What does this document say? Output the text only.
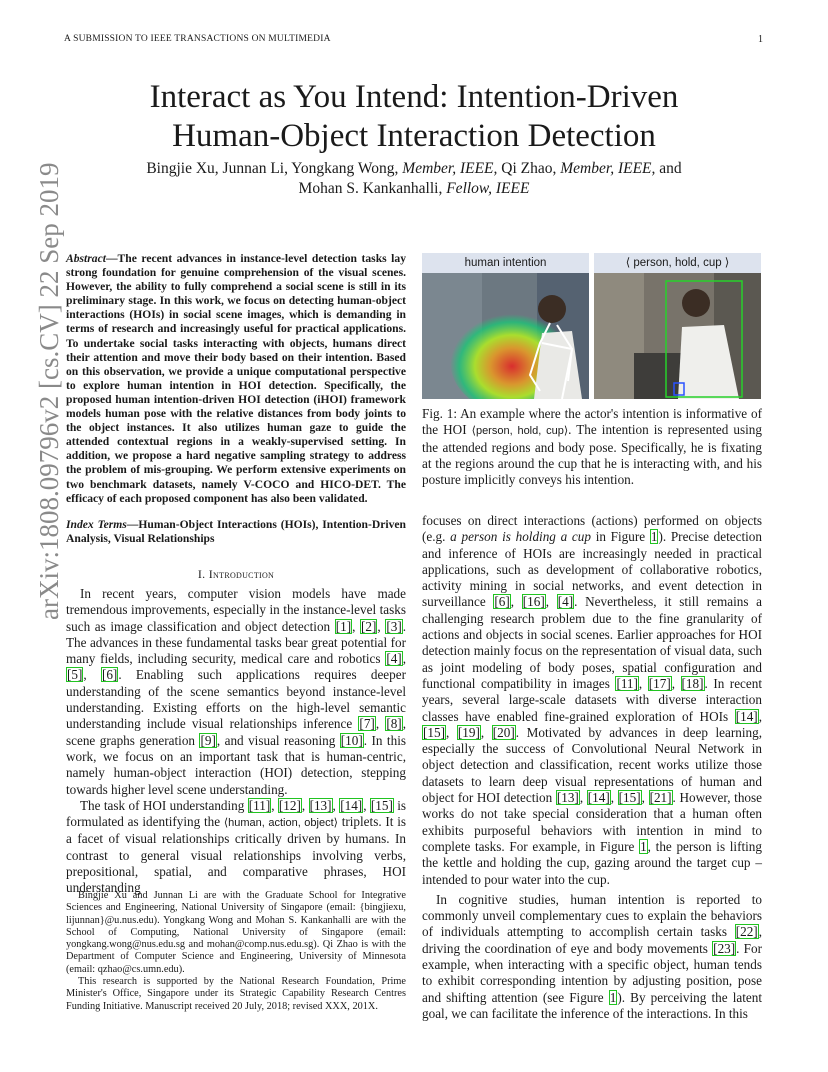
A SUBMISSION TO IEEE TRANSACTIONS ON MULTIMEDIA	1
Interact as You Intend: Intention-Driven
Human-Object Interaction Detection
Bingjie Xu, Junnan Li, Yongkang Wong, Member, IEEE, Qi Zhao, Member, IEEE, and
Mohan S. Kankanhalli, Fellow, IEEE
arXiv:1808.09796v2 [cs.CV] 22 Sep 2019 Abstract—The recent advances in instance-level detection tasks lay strong foundation for genuine comprehension of the visual scenes. However, the ability to fully comprehend a social scene is still in its preliminary stage. In this work, we focus on detecting human-object interactions (HOIs) in social scene images, which is demanding in terms of research and increasingly useful for practical applications. To undertake social tasks interacting with objects, humans direct their attention and move their body based on their intention. Based on this observation, we provide a unique computational perspective to explore human intention in HOI detection. Specifically, the proposed human intention-driven HOI detection (iHOI) framework models human pose with the relative distances from body joints to the object instances. It also utilizes human gaze to guide the attended contextual regions in a weakly-supervised setting. In addition, we propose a hard negative sampling strategy to address the problem of mis-grouping. We perform extensive experiments on two benchmark datasets, namely V-COCO and HICO-DET. The efficacy of each proposed component has also been validated.
Index Terms—Human-Object Interactions (HOIs), Intention-Driven Analysis, Visual Relationships
I. Introduction

In recent years, computer vision models have made tremendous improvements, especially in the instance-level tasks such as image classification and object detection [1], [2], [3]. The advances in these fundamental tasks bear great potential for many fields, including security, medical care and robotics [4], [5], [6]. Enabling such applications requires deeper understanding of the scene semantics beyond instance-level understanding. Existing efforts on the high-level semantic understanding include visual relationships inference [7], [8], scene graphs generation [9], and visual reasoning [10]. In this work, we focus on an important task that is human-centric, namely human-object interaction (HOI) detection, stepping towards higher level scene understanding.

The task of HOI understanding [11], [12], [13], [14], [15] is formulated as identifying the ⟨human, action, object⟩ triplets. It is a facet of visual relationships critically driven by humans. In contrast to general visual relationships involving verbs, prepositional, spatial, and comparative phrases, HOI understanding

Bingjie Xu and Junnan Li are with the Graduate School for Integrative Sciences and Engineering, National University of Singapore (email: {bingjiexu, lijunnan}@u.nus.edu). Yongkang Wong and Mohan S. Kankanhalli are with the School of Computing, National University of Singapore (email: yongkang.wong@nus.edu.sg and mohan@comp.nus.edu.sg). Qi Zhao is with the Department of Computer Science and Engineering, University of Minnesota (email: qzhao@cs.umn.edu).

This research is supported by the National Research Foundation, Prime Minister's Office, Singapore under its Strategic Capability Research Centres Funding Initiative. Manuscript received 20 July, 2018; revised XXX, 201X.

human intention	⟨ person, hold, cup ⟩
Fig. 1: An example where the actor's intention is informative of the HOI ⟨person, hold, cup⟩. The intention is represented using the attended regions and body pose. Specifically, he is fixating at the regions around the cup that he is interacting with, and his posture implicitly conveys his intention.

focuses on direct interactions (actions) performed on objects (e.g. a person is holding a cup in Figure 1). Precise detection and inference of HOIs are increasingly needed in practical applications, such as development of collaborative robotics, activity mining in social networks, and event detection in surveillance [6], [16], [4]. Nevertheless, it still remains a challenging research problem due to the fine granularity of actions and objects in social scenes. Earlier approaches for HOI detection mainly focus on the representation of visual data, such as joint modeling of body poses, spatial configuration and functional compatibility in images [11], [17], [18]. In recent years, several large-scale datasets with diverse interaction classes have enabled fine-grained exploration of HOIs [14], [15], [19], [20]. Motivated by advances in deep learning, especially the success of Convolutional Neural Network in object detection and classification, recent works utilize those datasets to learn deep visual representations of human and object for HOI detection [13], [14], [15], [21]. However, those works do not take special consideration that a human often exhibits purposeful behaviors with intention in mind to complete tasks. For example, in Figure 1, the person is lifting the kettle and holding the cup, gazing around the target cup – intended to pour water into the cup.

In cognitive studies, human intention is reported to commonly unveil complementary cues to explain the behaviors of individuals attempting to accomplish certain tasks [22], driving the coordination of eye and body movements [23]. For example, when interacting with a specific object, human tends to exhibit corresponding intention by adjusting position, pose and shifting attention (see Figure 1). By perceiving the latent goal, we can facilitate the inference of the interactions. In this
